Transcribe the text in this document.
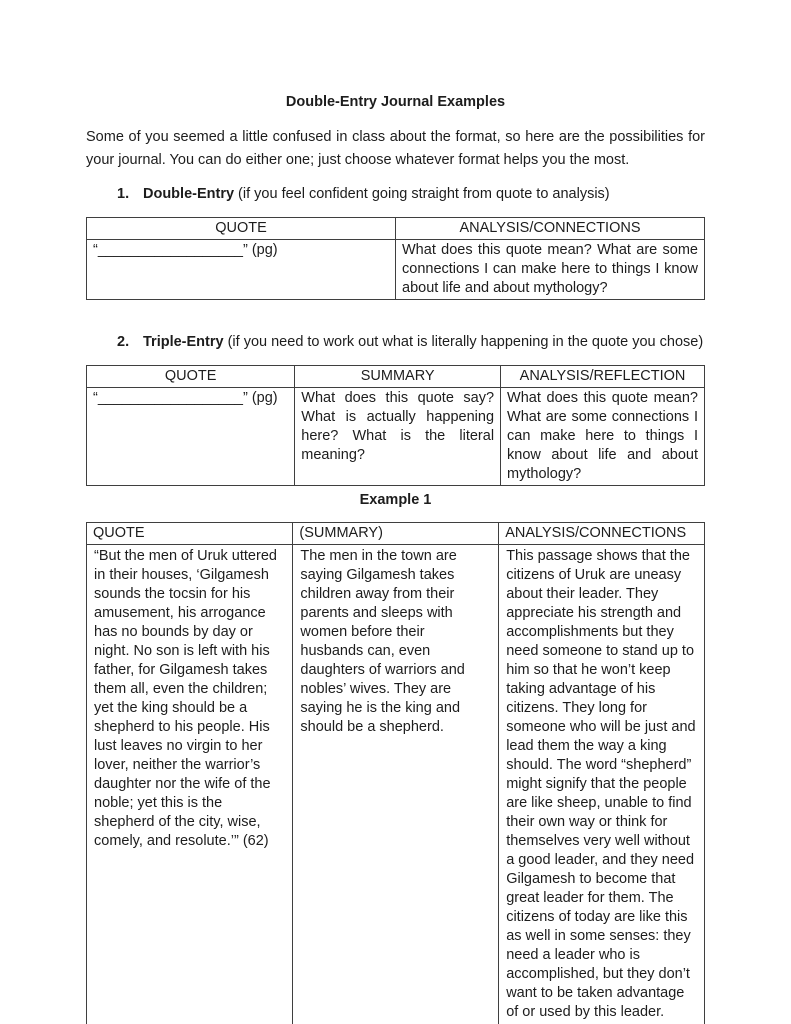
Double-Entry Journal Examples

Some of you seemed a little confused in class about the format, so here are the possibilities for your journal. You can do either one; just choose whatever format helps you the most.

1. Double-Entry (if you feel confident going straight from quote to analysis)
QUOTE	ANALYSIS/CONNECTIONS
“__________________” (pg)	What does this quote mean? What are some connections I can make here to things I know about life and about mythology?
2. Triple-Entry (if you need to work out what is literally happening in the quote you chose)
QUOTE	SUMMARY	ANALYSIS/REFLECTION
“__________________” (pg)	What does this quote say? What is actually happening here? What is the literal meaning?	What does this quote mean? What are some connections I can make here to things I know about life and about mythology?
Example 1
QUOTE	(SUMMARY)	ANALYSIS/CONNECTIONS
“But the men of Uruk uttered in their houses, ‘Gilgamesh sounds the tocsin for his amusement, his arrogance has no bounds by day or night. No son is left with his father, for Gilgamesh takes them all, even the children; yet the king should be a shepherd to his people. His lust leaves no virgin to her lover, neither the warrior’s daughter nor the wife of the noble; yet this is the shepherd of the city, wise, comely, and resolute.’” (62)	The men in the town are saying Gilgamesh takes children away from their parents and sleeps with women before their husbands can, even daughters of warriors and nobles’ wives. They are saying he is the king and should be a shepherd.	This passage shows that the citizens of Uruk are uneasy about their leader. They appreciate his strength and accomplishments but they need someone to stand up to him so that he won’t keep taking advantage of his citizens. They long for someone who will be just and lead them the way a king should. The word “shepherd” might signify that the people are like sheep, unable to find their own way or think for themselves very well without a good leader, and they need Gilgamesh to become that great leader for them. The citizens of today are like this as well in some senses: they need a leader who is accomplished, but they don’t want to be taken advantage of or used by this leader.
